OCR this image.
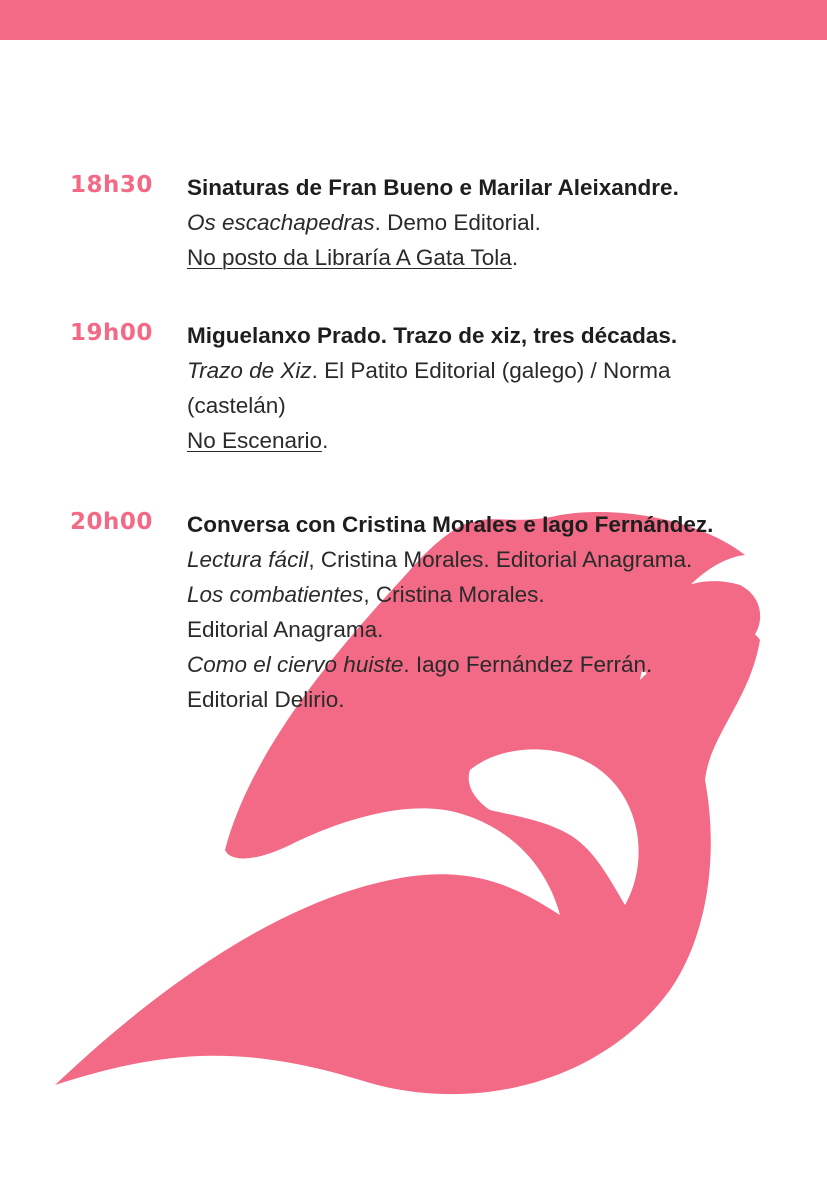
18h30 Sinaturas de Fran Bueno e Marilar Aleixandre.
Os escachapedras. Demo Editorial.
No posto da Libraría A Gata Tola.
19h00 Miguelanxo Prado. Trazo de xiz, tres décadas.
Trazo de Xiz. El Patito Editorial (galego) / Norma (castelán)
No Escenario.
20h00 Conversa con Cristina Morales e Iago Fernández.
Lectura fácil, Cristina Morales. Editorial Anagrama.
Los combatientes, Cristina Morales.
Editorial Anagrama.
Como el ciervo huiste. Iago Fernández Ferrán.
Editorial Delirio.
